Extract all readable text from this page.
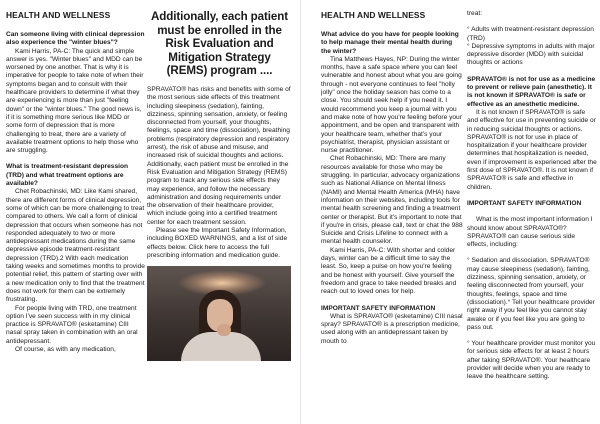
HEALTH AND WELLNESS

Can someone living with clinical depression also experience the "winter blues"?

Kami Harris, PA-C: The quick and simple answer is yes. "Winter blues" and MDD can be worsened by one another. That is why it is imperative for people to take note of when their symptoms began and to consult with their healthcare providers to determine if what they are experiencing is more than just "feeling down" or the "winter blues." The good news is, if it is something more serious like MDD or some form of depression that is more challenging to treat, there are a variety of available treatment options to help those who are struggling.

What is treatment-resistant depression (TRD) and what treatment options are available?

Chet Robachinski, MD: Like Kami shared, there are different forms of clinical depression, some of which can be more challenging to treat compared to others. We call a form of clinical depression that occurs when someone has not responded adequately to two or more antidepressant medications during the same depressive episode treatment-resistant depression (TRD).2 With each medication taking weeks and sometimes months to provide potential relief, this pattern of starting over with a new medication only to find that the treatment does not work for them can be extremely frustrating.

For people living with TRD, one treatment option I've seen success with in my clinical practice is SPRAVATO® (esketamine) CIII nasal spray taken in combination with an oral antidepressant.

Of course, as with any medication,

Additionally, each patient must be enrolled in the Risk Evaluation and Mitigation Strategy (REMS) program ....

SPRAVATO® has risks and benefits with some of the most serious side effects of this treatment including sleepiness (sedation), fainting, dizziness, spinning sensation, anxiety, or feeling disconnected from yourself, your thoughts, feelings, space and time (dissociation), breathing problems (respiratory depression and respiratory arrest), the risk of abuse and misuse, and increased risk of suicidal thoughts and actions. Additionally, each patient must be enrolled in the Risk Evaluation and Mitigation Strategy (REMS) program to track any serious side effects they may experience, and follow the necessary administration and dosing requirements under the observation of their healthcare provider, which include going into a certified treatment center for each treatment session.

Please see the Important Safety Information, including BOXED WARNINGS, and a list of side effects below. Click here to access the full prescribing information and medication guide.

HEALTH AND WELLNESS

What advice do you have for people looking to help manage their mental health during the winter?

Tina Matthews Hayes, NP: During the winter months, have a safe space where you can feel vulnerable and honest about what you are going through - not everyone continues to feel "holly jolly" once the holiday season has come to a close. You should seek help if you need it. I would recommend you keep a journal with you and make note of how you're feeling before your appointment, and be open and transparent with your healthcare team, whether that's your psychiatrist, therapist, physician assistant or nurse practitioner.

Chet Robachinski, MD: There are many resources available for those who may be struggling. In particular, advocacy organizations such as National Alliance on Mental Illness (NAMI) and Mental Health America (MHA) have information on their websites, including tools for mental health screening and finding a treatment center or therapist. But it's important to note that if you're in crisis, please call, text or chat the 988 Suicide and Crisis Lifeline to connect with a mental health counselor.

Kami Harris, PA-C: With shorter and colder days, winter can be a difficult time to say the least. So, keep a pulse on how you're feeling and be honest with yourself. Give yourself the freedom and grace to take needed breaks and reach out to loved ones for help.

IMPORTANT SAFETY INFORMATION

What is SPRAVATO® (esketamine) CIII nasal spray? SPRAVATO® is a prescription medicine, used along with an antidepressant taken by mouth to

treat:

° Adults with treatment-resistant depression (TRD)

° Depressive symptoms in adults with major depressive disorder (MDD) with suicidal thoughts or actions

SPRAVATO® is not for use as a medicine to prevent or relieve pain (anesthetic). It is not known if SPRAVATO® is safe or effective as an anesthetic medicine.

It is not known if SPRAVATO® is safe and effective for use in preventing suicide or in reducing suicidal thoughts or actions. SPRAVATO® is not for use in place of hospitalization if your healthcare provider determines that hospitalization is needed, even if improvement is experienced after the first dose of SPRAVATO®. It is not known if SPRAVATO® is safe and effective in children.

IMPORTANT SAFETY INFORMATION

What is the most important information I should know about SPRAVATO®? SPRAVATO® can cause serious side effects, including:

° Sedation and dissociation. SPRAVATO® may cause sleepiness (sedation), fainting, dizziness, spinning sensation, anxiety, or feeling disconnected from yourself, your thoughts, feelings, space and time (dissociation).° Tell your healthcare provider right away if you feel like you cannot stay awake or if you feel like you are going to pass out.

° Your healthcare provider must monitor you for serious side effects for at least 2 hours after taking SPRAVATO®. Your healthcare provider will decide when you are ready to leave the healthcare setting.
